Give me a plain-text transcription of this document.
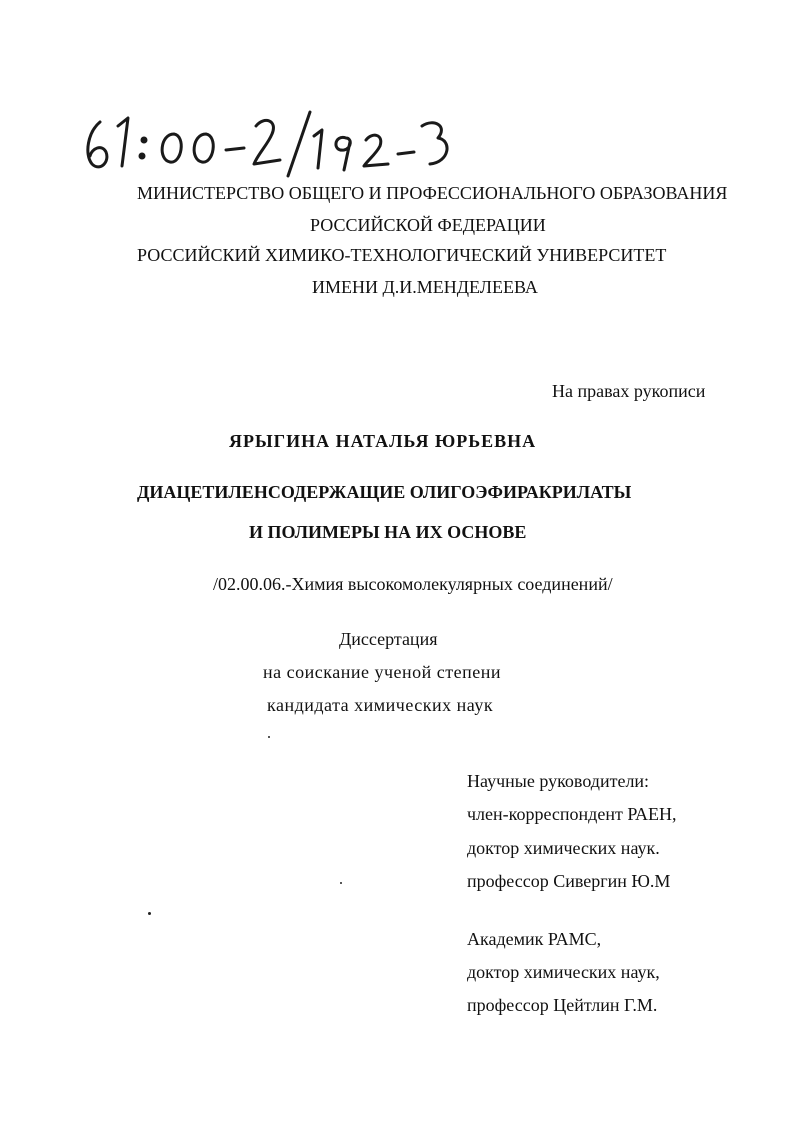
МИНИСТЕРСТВО ОБЩЕГО И ПРОФЕССИОНАЛЬНОГО ОБРАЗОВАНИЯ
РОССИЙСКОЙ ФЕДЕРАЦИИ
РОССИЙСКИЙ ХИМИКО-ТЕХНОЛОГИЧЕСКИЙ УНИВЕРСИТЕТ
ИМЕНИ Д.И.МЕНДЕЛЕЕВА
На правах рукописи
ЯРЫГИНА НАТАЛЬЯ ЮРЬЕВНА
ДИАЦЕТИЛЕНСОДЕРЖАЩИЕ ОЛИГОЭФИРАКРИЛАТЫ
И ПОЛИМЕРЫ НА ИХ ОСНОВЕ
/02.00.06.-Химия высокомолекулярных соединений/
Диссертация
на соискание ученой степени
кандидата химических наук
Научные руководители:
член-корреспондент РАЕН,
доктор химических наук.
профессор Сивергин Ю.М
Академик РАМС,
доктор химических наук,
профессор Цейтлин Г.М.
